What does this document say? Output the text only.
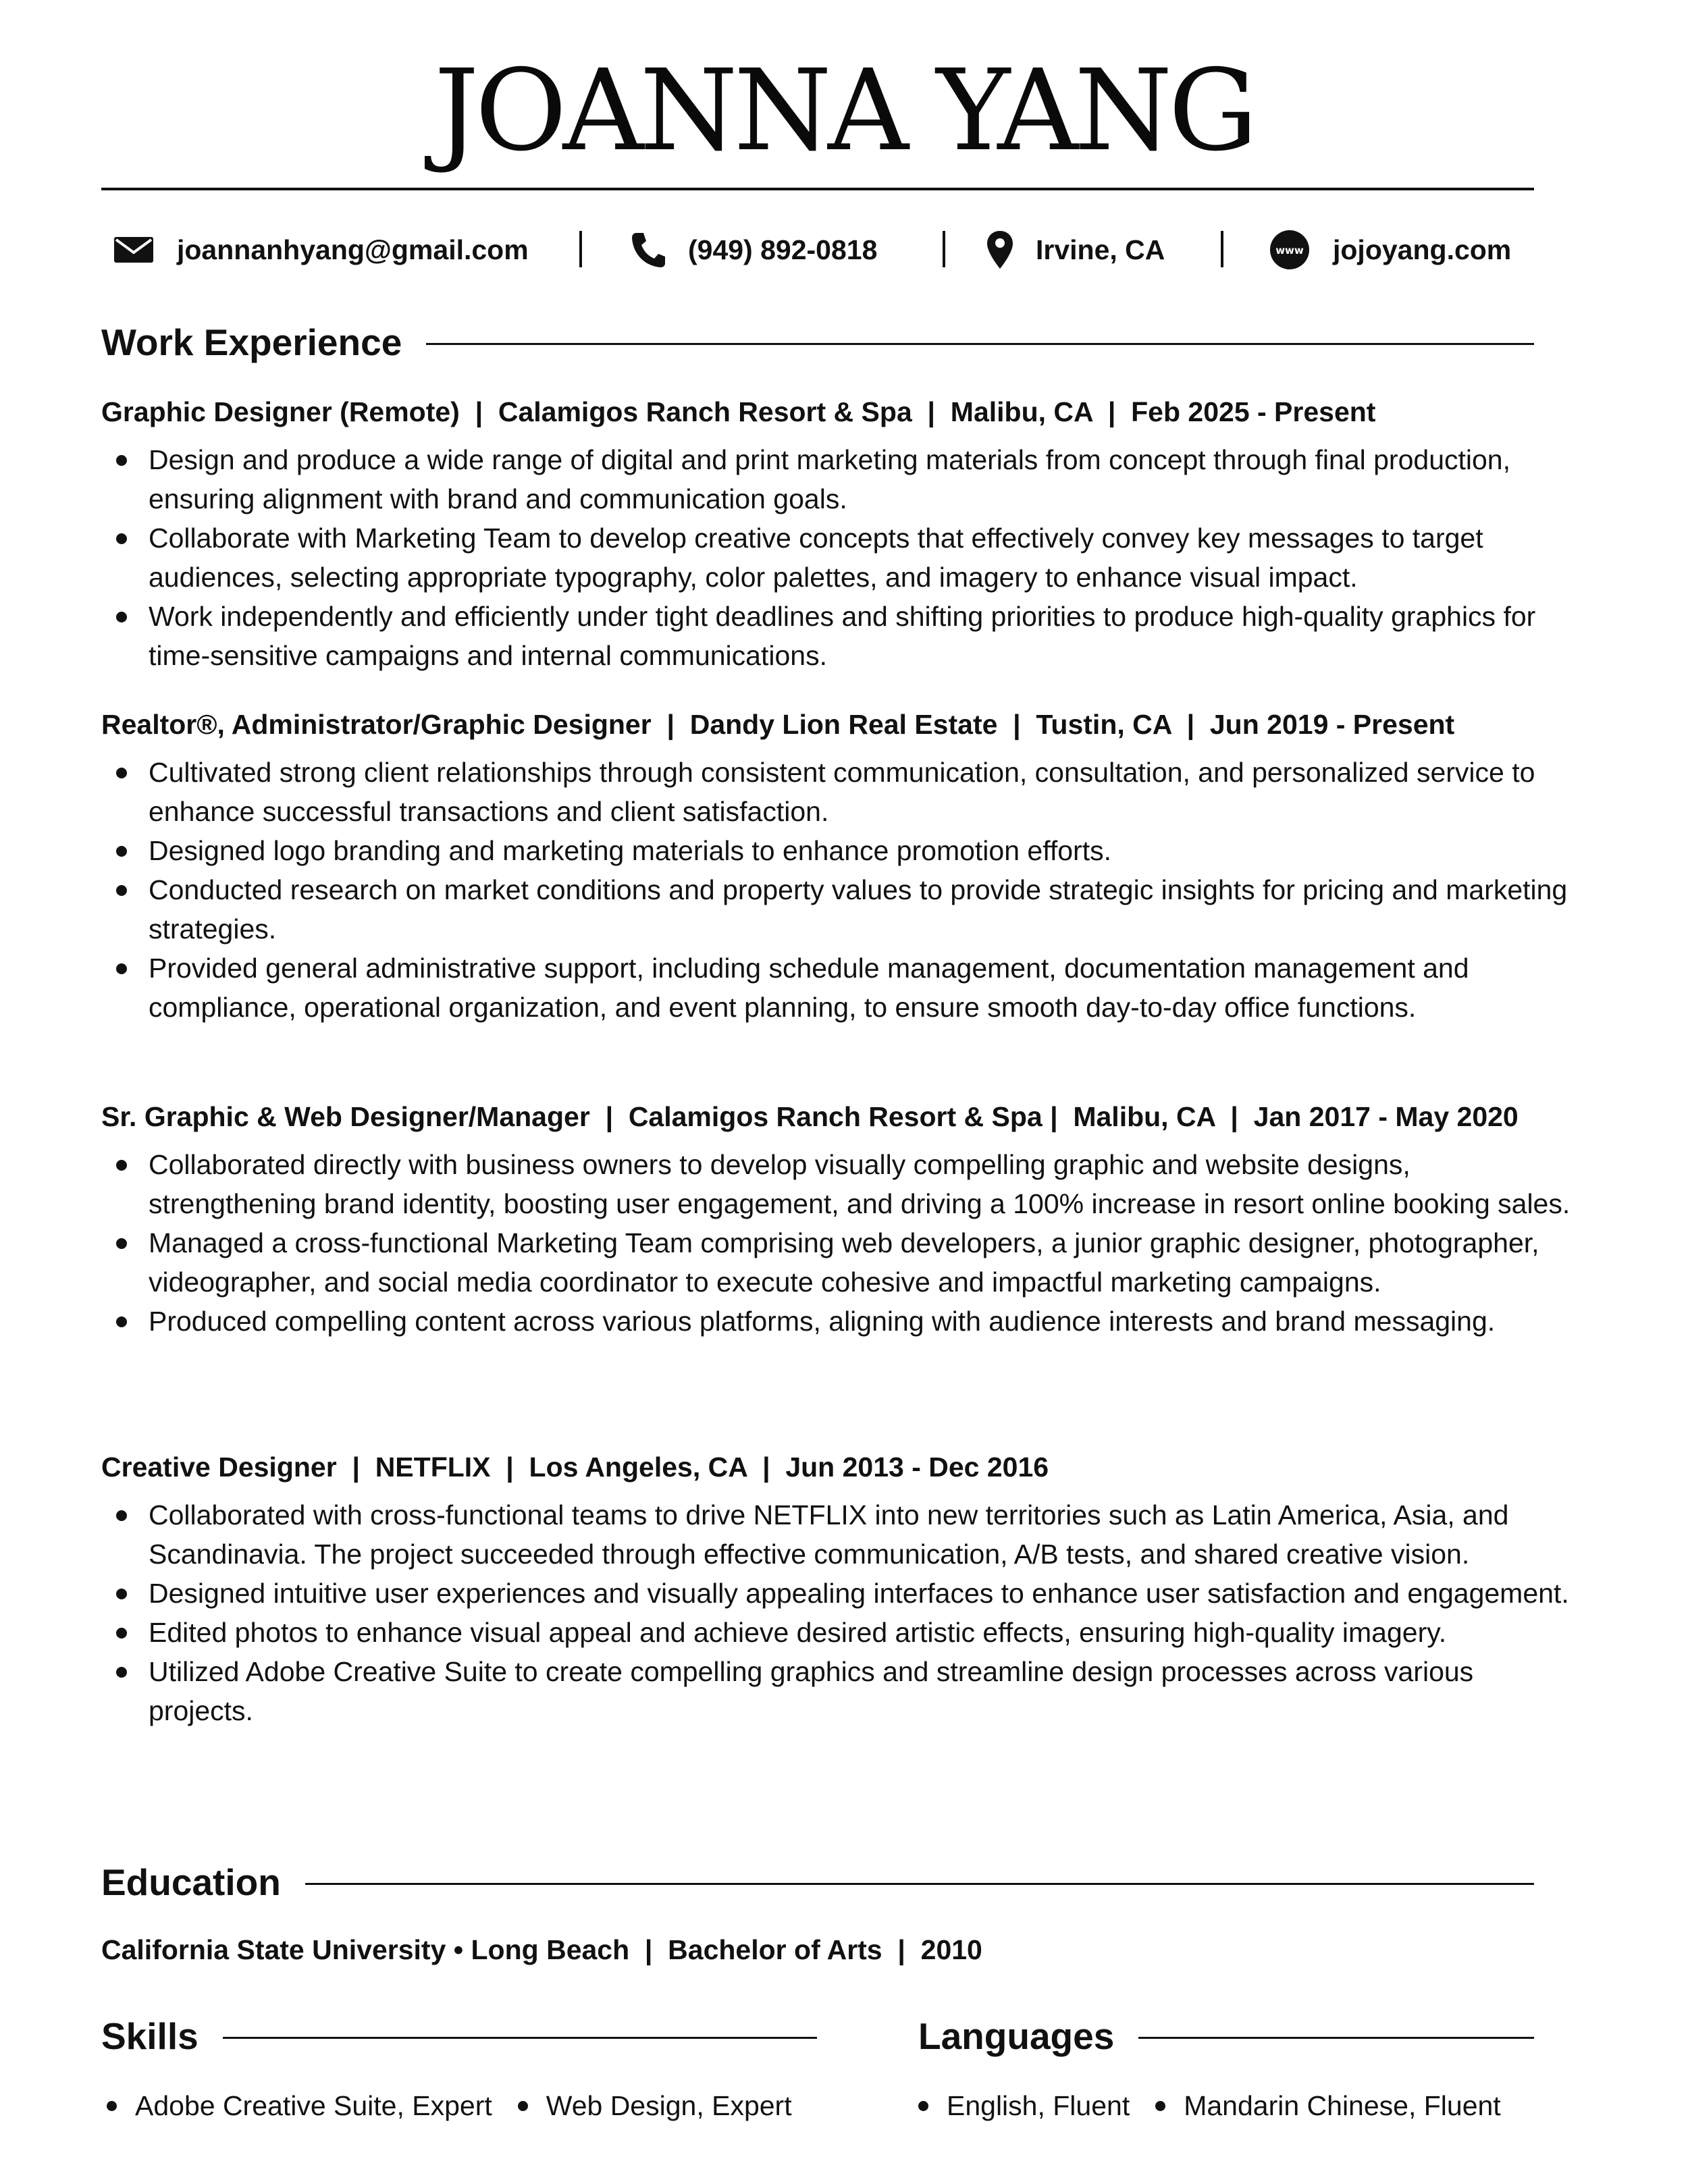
JOANNA YANG
joannanhyang@gmail.com	(949) 892-0818	Irvine, CA	www jojoyang.com
Work Experience
Graphic Designer (Remote)  |  Calamigos Ranch Resort & Spa  |  Malibu, CA  |  Feb 2025 - Present
Design and produce a wide range of digital and print marketing materials from concept through final production, ensuring alignment with brand and communication goals.
Collaborate with Marketing Team to develop creative concepts that effectively convey key messages to target audiences, selecting appropriate typography, color palettes, and imagery to enhance visual impact.
Work independently and efficiently under tight deadlines and shifting priorities to produce high-quality graphics for time-sensitive campaigns and internal communications.
Realtor®, Administrator/Graphic Designer  |  Dandy Lion Real Estate  |  Tustin, CA  |  Jun 2019 - Present
Cultivated strong client relationships through consistent communication, consultation, and personalized service to enhance successful transactions and client satisfaction.
Designed logo branding and marketing materials to enhance promotion efforts.
Conducted research on market conditions and property values to provide strategic insights for pricing and marketing strategies.
Provided general administrative support, including schedule management, documentation management and compliance, operational organization, and event planning, to ensure smooth day-to-day office functions.
Sr. Graphic & Web Designer/Manager  |  Calamigos Ranch Resort & Spa |  Malibu, CA  |  Jan 2017 - May 2020
Collaborated directly with business owners to develop visually compelling graphic and website designs, strengthening brand identity, boosting user engagement, and driving a 100% increase in resort online booking sales.
Managed a cross-functional Marketing Team comprising web developers, a junior graphic designer, photographer, videographer, and social media coordinator to execute cohesive and impactful marketing campaigns.
Produced compelling content across various platforms, aligning with audience interests and brand messaging.
Creative Designer  |  NETFLIX  |  Los Angeles, CA  |  Jun 2013 - Dec 2016
Collaborated with cross-functional teams to drive NETFLIX into new territories such as Latin America, Asia, and Scandinavia. The project succeeded through effective communication, A/B tests, and shared creative vision.
Designed intuitive user experiences and visually appealing interfaces to enhance user satisfaction and engagement.
Edited photos to enhance visual appeal and achieve desired artistic effects, ensuring high-quality imagery.
Utilized Adobe Creative Suite to create compelling graphics and streamline design processes across various projects.
Education
California State University • Long Beach  |  Bachelor of Arts  |  2010
Skills
Adobe Creative Suite, Expert	Web Design, Expert
Languages
English, Fluent	Mandarin Chinese, Fluent
